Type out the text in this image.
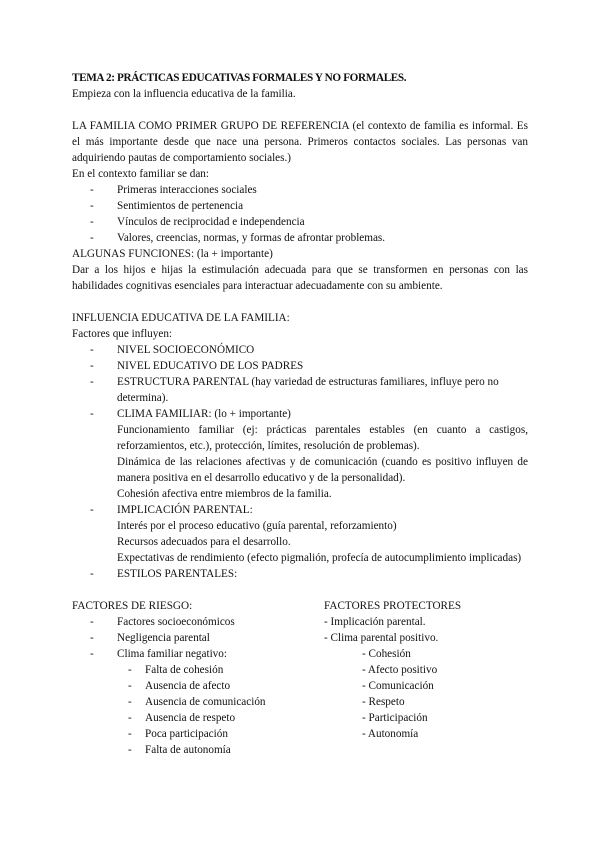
TEMA 2: PRÁCTICAS EDUCATIVAS FORMALES Y NO FORMALES.
Empieza con la influencia educativa de la familia.
LA FAMILIA COMO PRIMER GRUPO DE REFERENCIA (el contexto de familia es informal. Es el más importante desde que nace una persona. Primeros contactos sociales. Las personas van adquiriendo pautas de comportamiento sociales.)
En el contexto familiar se dan:
- Primeras interacciones sociales
- Sentimientos de pertenencia
- Vínculos de reciprocidad e independencia
- Valores, creencias, normas, y formas de afrontar problemas.
ALGUNAS FUNCIONES: (la + importante)
Dar a los hijos e hijas la estimulación adecuada para que se transformen en personas con las habilidades cognitivas esenciales para interactuar adecuadamente con su ambiente.
INFLUENCIA EDUCATIVA DE LA FAMILIA:
Factores que influyen:
- NIVEL SOCIOECONÓMICO
- NIVEL EDUCATIVO DE LOS PADRES
- ESTRUCTURA PARENTAL (hay variedad de estructuras familiares, influye pero no determina).
- CLIMA FAMILIAR: (lo + importante)
Funcionamiento familiar (ej: prácticas parentales estables (en cuanto a castigos, reforzamientos, etc.), protección, límites, resolución de problemas).
Dinámica de las relaciones afectivas y de comunicación (cuando es positivo influyen de manera positiva en el desarrollo educativo y de la personalidad).
Cohesión afectiva entre miembros de la familia.
- IMPLICACIÓN PARENTAL:
Interés por el proceso educativo (guía parental, reforzamiento)
Recursos adecuados para el desarrollo.
Expectativas de rendimiento (efecto pigmalión, profecía de autocumplimiento implicadas)
- ESTILOS PARENTALES:
FACTORES DE RIESGO:
- Factores socioeconómicos
- Negligencia parental
- Clima familiar negativo:
- Falta de cohesión
- Ausencia de afecto
- Ausencia de comunicación
- Ausencia de respeto
- Poca participación
- Falta de autonomía
FACTORES PROTECTORES
- Implicación parental.
- Clima parental positivo.
- Cohesión
- Afecto positivo
- Comunicación
- Respeto
- Participación
- Autonomía
